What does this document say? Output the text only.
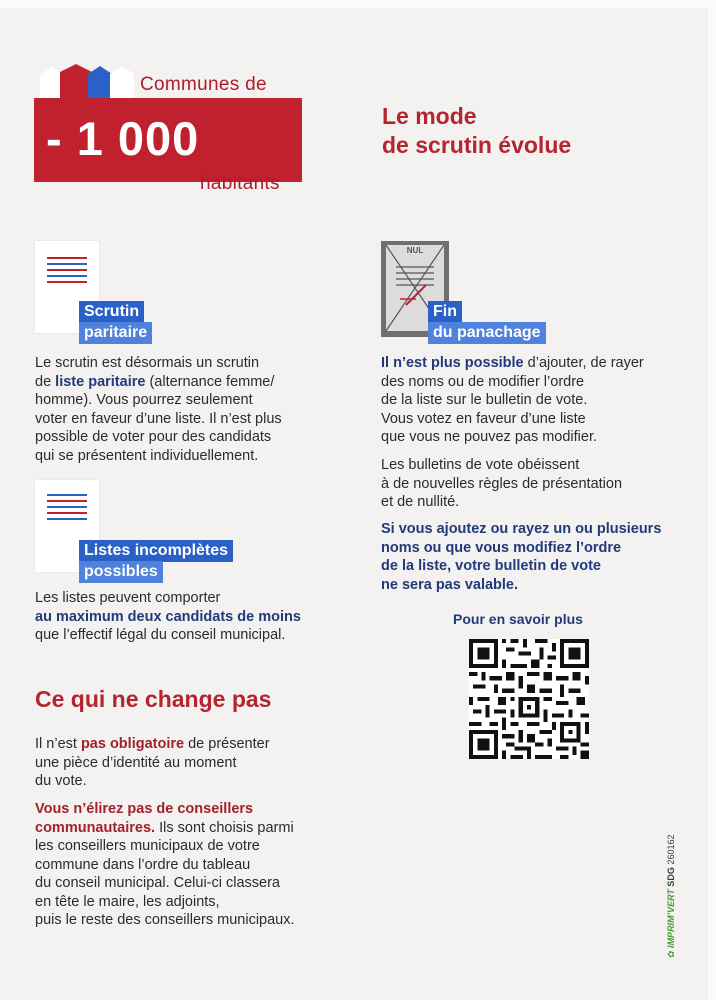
Communes de
- 1 000
habitants
Le mode
de scrutin évolue
Scrutin
paritaire
Le scrutin est désormais un scrutin
de liste paritaire (alternance femme/
homme). Vous pourrez seulement
voter en faveur d’une liste. Il n’est plus
possible de voter pour des candidats
qui se présentent individuellement.
Listes incomplètes
possibles
Les listes peuvent comporter
au maximum deux candidats de moins
que l’effectif légal du conseil municipal.
NUL
Fin
du panachage
Il n’est plus possible d’ajouter, de rayer
des noms ou de modifier l’ordre
de la liste sur le bulletin de vote.
Vous votez en faveur d’une liste
que vous ne pouvez pas modifier.
Les bulletins de vote obéissent
à de nouvelles règles de présentation
et de nullité.
Si vous ajoutez ou rayez un ou plusieurs
noms ou que vous modifiez l’ordre
de la liste, votre bulletin de vote
ne sera pas valable.
Pour en savoir plus
Ce qui ne change pas
Il n’est pas obligatoire de présenter
une pièce d’identité au moment
du vote.
Vous n’élirez pas de conseillers
communautaires. Ils sont choisis parmi
les conseillers municipaux de votre
commune dans l’ordre du tableau
du conseil municipal. Celui-ci classera
en tête le maire, les adjoints,
puis le reste des conseillers municipaux.
✿ IMPRIM’VERT SDG 260162
